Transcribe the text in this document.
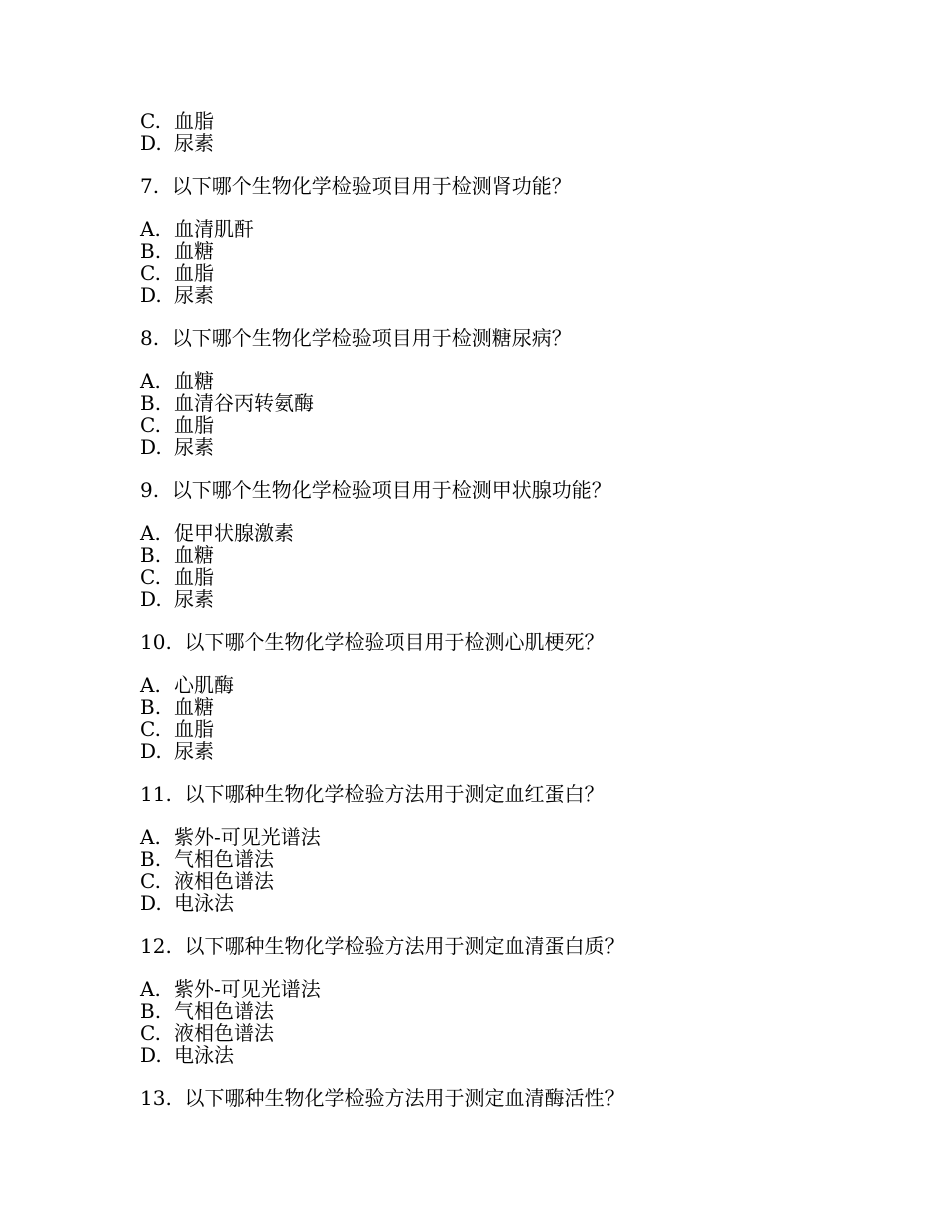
C. 血脂
D. 尿素
7. 以下哪个生物化学检验项目用于检测肾功能？
A. 血清肌酐
B. 血糖
C. 血脂
D. 尿素
8. 以下哪个生物化学检验项目用于检测糖尿病？
A. 血糖
B. 血清谷丙转氨酶
C. 血脂
D. 尿素
9. 以下哪个生物化学检验项目用于检测甲状腺功能？
A. 促甲状腺激素
B. 血糖
C. 血脂
D. 尿素
10. 以下哪个生物化学检验项目用于检测心肌梗死？
A. 心肌酶
B. 血糖
C. 血脂
D. 尿素
11. 以下哪种生物化学检验方法用于测定血红蛋白？
A. 紫外-可见光谱法
B. 气相色谱法
C. 液相色谱法
D. 电泳法
12. 以下哪种生物化学检验方法用于测定血清蛋白质？
A. 紫外-可见光谱法
B. 气相色谱法
C. 液相色谱法
D. 电泳法
13. 以下哪种生物化学检验方法用于测定血清酶活性？
